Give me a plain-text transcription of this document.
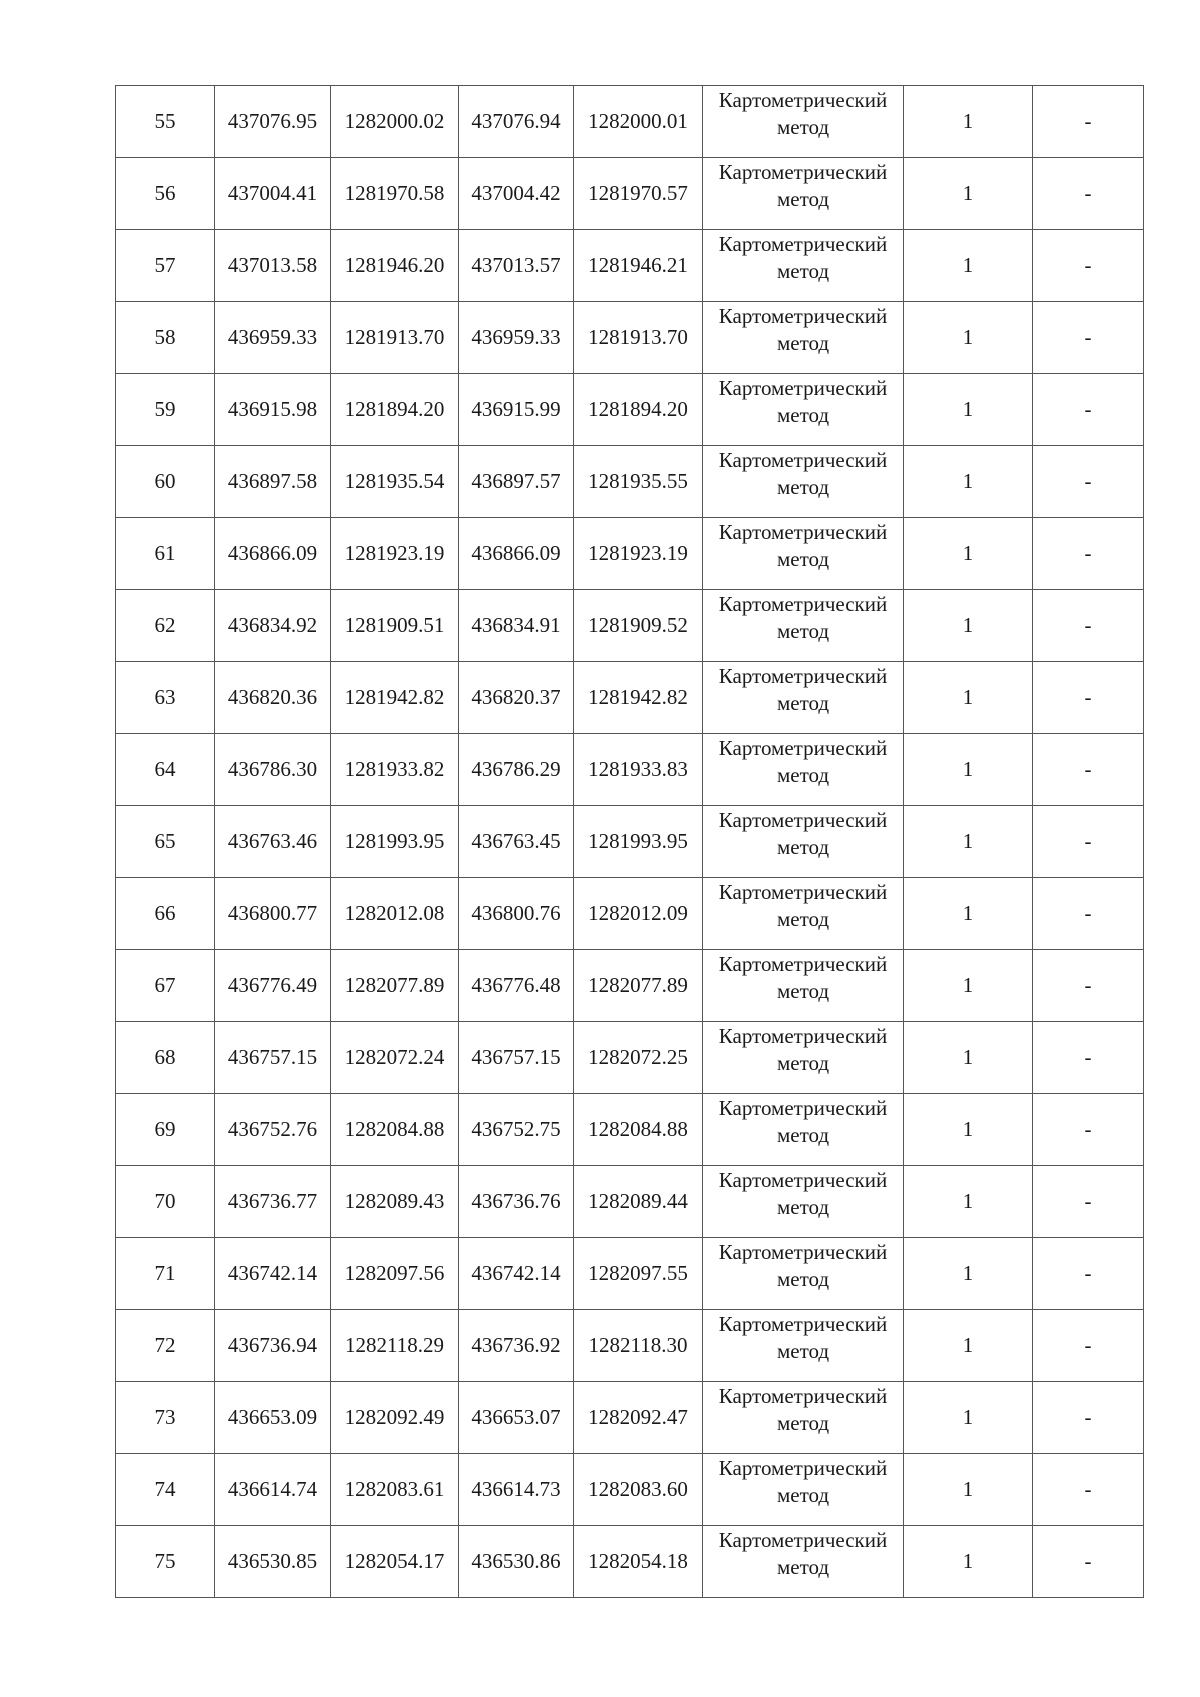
55	437076.95	1282000.02	437076.94	1282000.01	Картометрический
метод	1	-
56	437004.41	1281970.58	437004.42	1281970.57	Картометрический
метод	1	-
57	437013.58	1281946.20	437013.57	1281946.21	Картометрический
метод	1	-
58	436959.33	1281913.70	436959.33	1281913.70	Картометрический
метод	1	-
59	436915.98	1281894.20	436915.99	1281894.20	Картометрический
метод	1	-
60	436897.58	1281935.54	436897.57	1281935.55	Картометрический
метод	1	-
61	436866.09	1281923.19	436866.09	1281923.19	Картометрический
метод	1	-
62	436834.92	1281909.51	436834.91	1281909.52	Картометрический
метод	1	-
63	436820.36	1281942.82	436820.37	1281942.82	Картометрический
метод	1	-
64	436786.30	1281933.82	436786.29	1281933.83	Картометрический
метод	1	-
65	436763.46	1281993.95	436763.45	1281993.95	Картометрический
метод	1	-
66	436800.77	1282012.08	436800.76	1282012.09	Картометрический
метод	1	-
67	436776.49	1282077.89	436776.48	1282077.89	Картометрический
метод	1	-
68	436757.15	1282072.24	436757.15	1282072.25	Картометрический
метод	1	-
69	436752.76	1282084.88	436752.75	1282084.88	Картометрический
метод	1	-
70	436736.77	1282089.43	436736.76	1282089.44	Картометрический
метод	1	-
71	436742.14	1282097.56	436742.14	1282097.55	Картометрический
метод	1	-
72	436736.94	1282118.29	436736.92	1282118.30	Картометрический
метод	1	-
73	436653.09	1282092.49	436653.07	1282092.47	Картометрический
метод	1	-
74	436614.74	1282083.61	436614.73	1282083.60	Картометрический
метод	1	-
75	436530.85	1282054.17	436530.86	1282054.18	Картометрический
метод	1	-
